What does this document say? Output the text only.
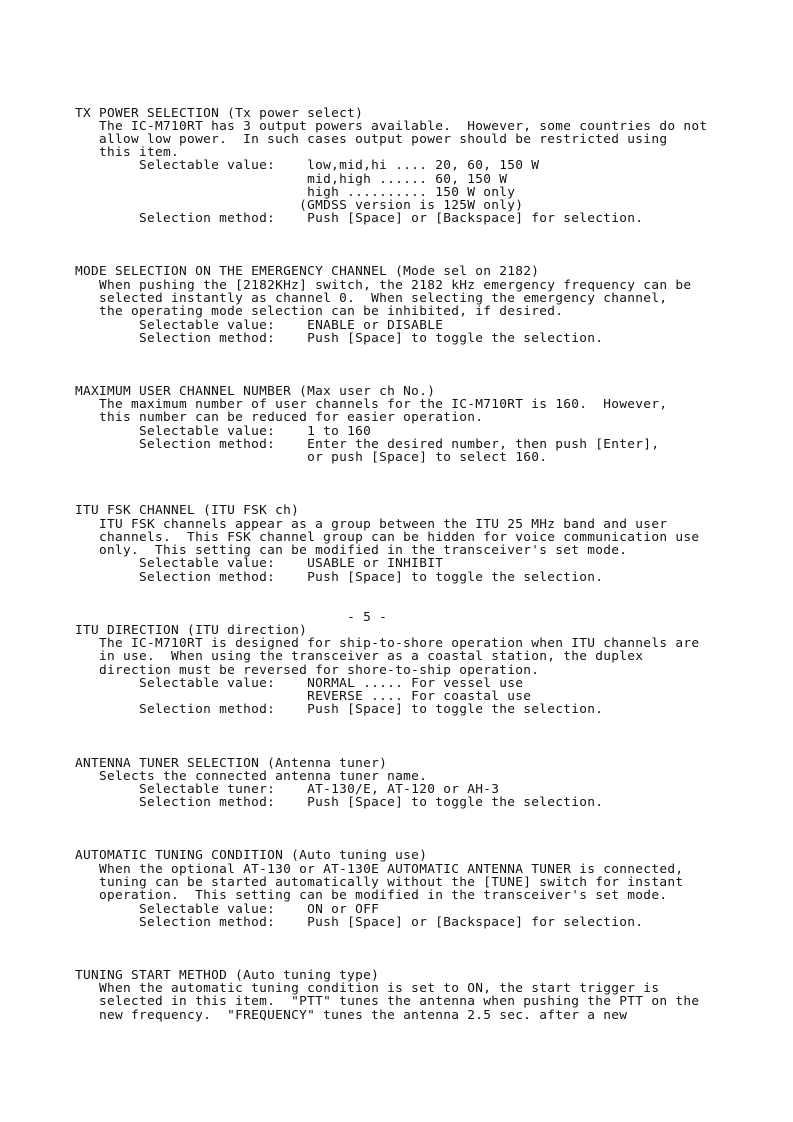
TX POWER SELECTION (Tx power select)
The IC-M710RT has 3 output powers available.  However, some countries do not
allow low power.  In such cases output power should be restricted using
this item.
Selectable value:    low,mid,hi .... 20, 60, 150 W
mid,high ...... 60, 150 W
high .......... 150 W only
(GMDSS version is 125W only)
Selection method:    Push [Space] or [Backspace] for selection.
MODE SELECTION ON THE EMERGENCY CHANNEL (Mode sel on 2182)
When pushing the [2182KHz] switch, the 2182 kHz emergency frequency can be
selected instantly as channel 0.  When selecting the emergency channel,
the operating mode selection can be inhibited, if desired.
Selectable value:    ENABLE or DISABLE
Selection method:    Push [Space] to toggle the selection.
MAXIMUM USER CHANNEL NUMBER (Max user ch No.)
The maximum number of user channels for the IC-M710RT is 160.  However,
this number can be reduced for easier operation.
Selectable value:    1 to 160
Selection method:    Enter the desired number, then push [Enter],
or push [Space] to select 160.
ITU FSK CHANNEL (ITU FSK ch)
ITU FSK channels appear as a group between the ITU 25 MHz band and user
channels.  This FSK channel group can be hidden for voice communication use
only.  This setting can be modified in the transceiver's set mode.
Selectable value:    USABLE or INHIBIT
Selection method:    Push [Space] to toggle the selection.
- 5 -
ITU DIRECTION (ITU direction)
The IC-M710RT is designed for ship-to-shore operation when ITU channels are
in use.  When using the transceiver as a coastal station, the duplex
direction must be reversed for shore-to-ship operation.
Selectable value:    NORMAL ..... For vessel use
REVERSE .... For coastal use
Selection method:    Push [Space] to toggle the selection.
ANTENNA TUNER SELECTION (Antenna tuner)
Selects the connected antenna tuner name.
Selectable tuner:    AT-130/E, AT-120 or AH-3
Selection method:    Push [Space] to toggle the selection.
AUTOMATIC TUNING CONDITION (Auto tuning use)
When the optional AT-130 or AT-130E AUTOMATIC ANTENNA TUNER is connected,
tuning can be started automatically without the [TUNE] switch for instant
operation.  This setting can be modified in the transceiver's set mode.
Selectable value:    ON or OFF
Selection method:    Push [Space] or [Backspace] for selection.
TUNING START METHOD (Auto tuning type)
When the automatic tuning condition is set to ON, the start trigger is
selected in this item.  "PTT" tunes the antenna when pushing the PTT on the
new frequency.  "FREQUENCY" tunes the antenna 2.5 sec. after a new
